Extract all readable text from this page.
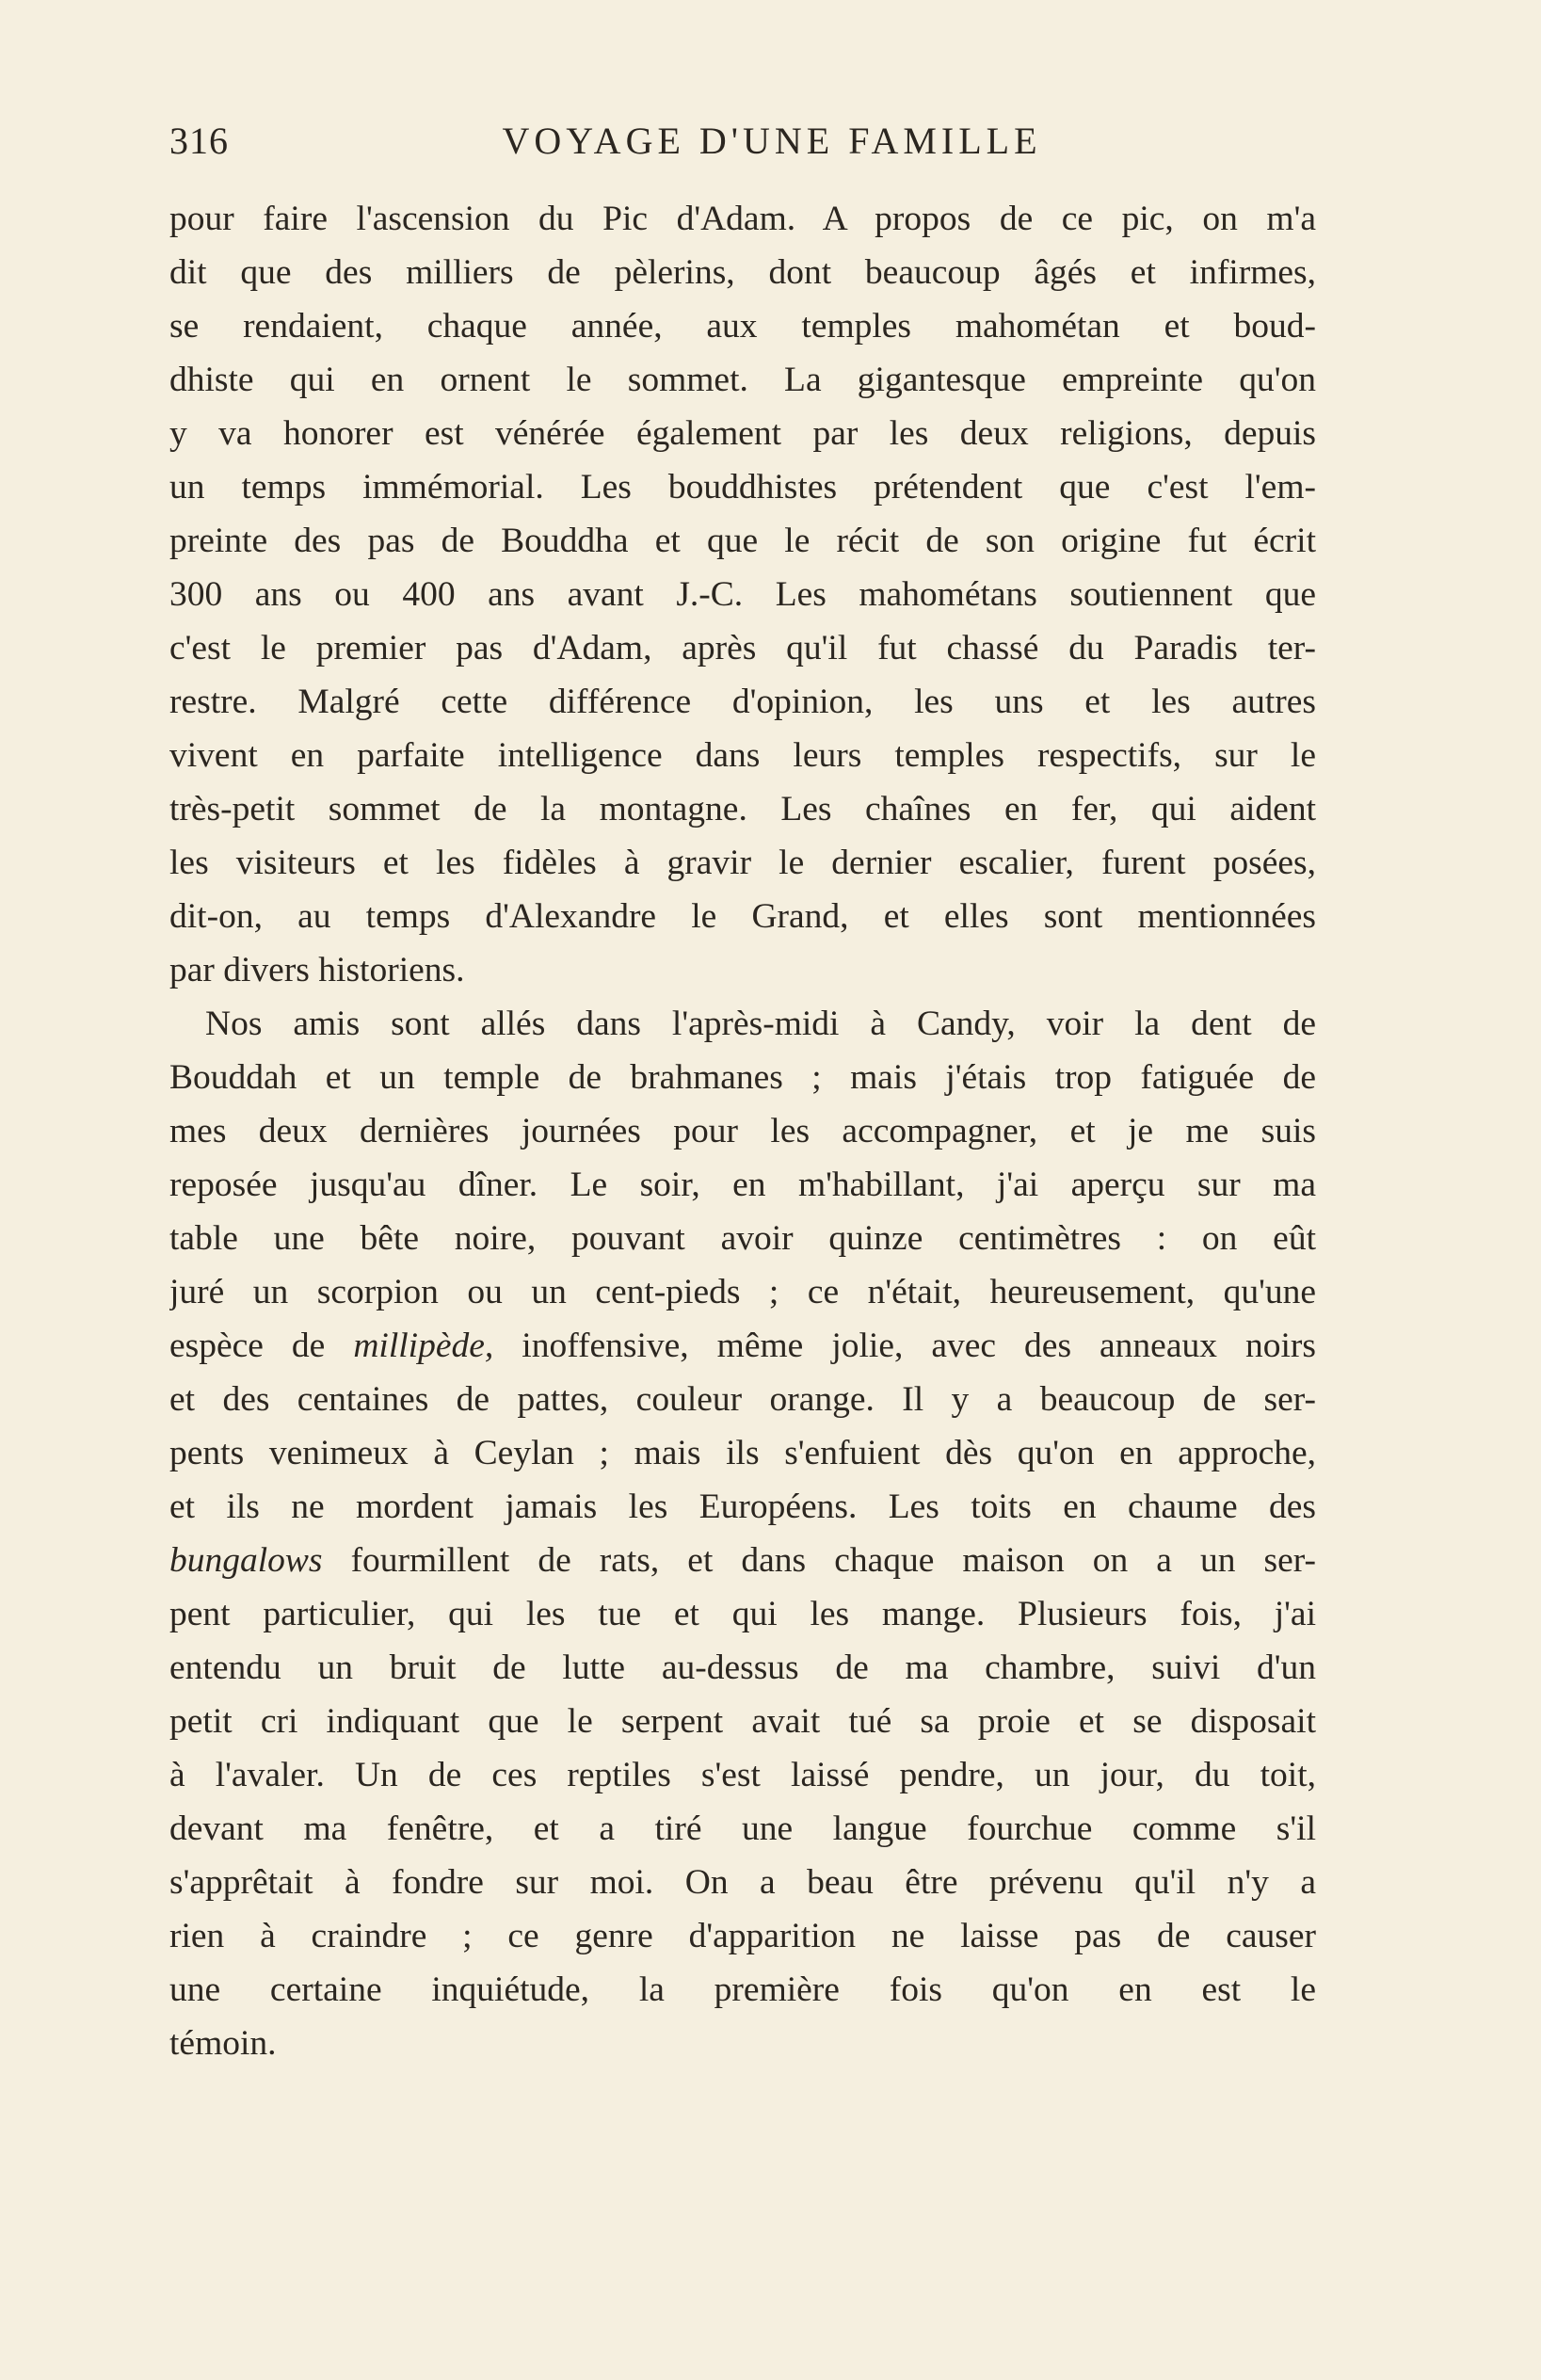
316	VOYAGE D'UNE FAMILLE
pour faire l'ascension du Pic d'Adam. A propos de ce pic, on m'a
dit que des milliers de pèlerins, dont beaucoup âgés et infirmes,
se rendaient, chaque année, aux temples mahométan et boud-
dhiste qui en ornent le sommet. La gigantesque empreinte qu'on
y va honorer est vénérée également par les deux religions, depuis
un temps immémorial. Les bouddhistes prétendent que c'est l'em-
preinte des pas de Bouddha et que le récit de son origine fut écrit
300 ans ou 400 ans avant J.-C. Les mahométans soutiennent que
c'est le premier pas d'Adam, après qu'il fut chassé du Paradis ter-
restre. Malgré cette différence d'opinion, les uns et les autres
vivent en parfaite intelligence dans leurs temples respectifs, sur le
très-petit sommet de la montagne. Les chaînes en fer, qui aident
les visiteurs et les fidèles à gravir le dernier escalier, furent posées,
dit-on, au temps d'Alexandre le Grand, et elles sont mentionnées
par divers historiens.
Nos amis sont allés dans l'après-midi à Candy, voir la dent de
Bouddah et un temple de brahmanes ; mais j'étais trop fatiguée de
mes deux dernières journées pour les accompagner, et je me suis
reposée jusqu'au dîner. Le soir, en m'habillant, j'ai aperçu sur ma
table une bête noire, pouvant avoir quinze centimètres : on eût
juré un scorpion ou un cent-pieds ; ce n'était, heureusement, qu'une
espèce de millipède, inoffensive, même jolie, avec des anneaux noirs
et des centaines de pattes, couleur orange. Il y a beaucoup de ser-
pents venimeux à Ceylan ; mais ils s'enfuient dès qu'on en approche,
et ils ne mordent jamais les Européens. Les toits en chaume des
bungalows fourmillent de rats, et dans chaque maison on a un ser-
pent particulier, qui les tue et qui les mange. Plusieurs fois, j'ai
entendu un bruit de lutte au-dessus de ma chambre, suivi d'un
petit cri indiquant que le serpent avait tué sa proie et se disposait
à l'avaler. Un de ces reptiles s'est laissé pendre, un jour, du toit,
devant ma fenêtre, et a tiré une langue fourchue comme s'il
s'apprêtait à fondre sur moi. On a beau être prévenu qu'il n'y a
rien à craindre ; ce genre d'apparition ne laisse pas de causer
une certaine inquiétude, la première fois qu'on en est le
témoin.
